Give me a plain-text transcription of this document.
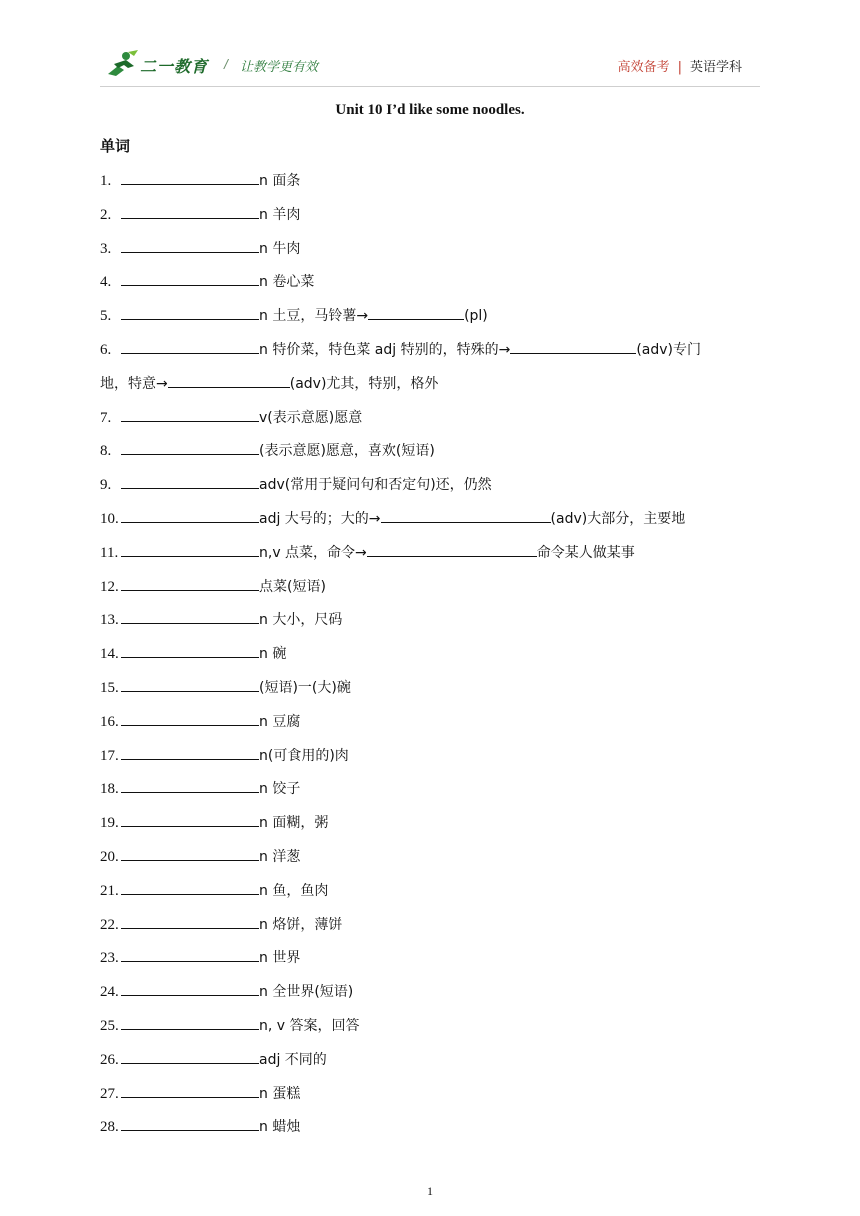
二一教育 / 让教学更有效	高效备考 | 英语学科
Unit 10 I’d like some noodles.
单词
1.	n 面条
2.	n 羊肉
3.	n 牛肉
4.	n 卷心菜
5.	n 土豆，马铃薯→	(pl)
6.	n 特价菜，特色菜 adj 特别的，特殊的→	(adv)专门
地，特意→	(adv)尤其，特别，格外
7.	v(表示意愿)愿意
8.	(表示意愿)愿意，喜欢(短语)
9.	adv(常用于疑问句和否定句)还，仍然
10.	adj 大号的；大的→	(adv)大部分，主要地
11.	n,v 点菜，命令→	命令某人做某事
12.	点菜(短语)
13.	n 大小，尺码
14.	n 碗
15.	(短语)一(大)碗
16.	n 豆腐
17.	n(可食用的)肉
18.	n 饺子
19.	n 面糊，粥
20.	n 洋葱
21.	n 鱼，鱼肉
22.	n 烙饼，薄饼
23.	n 世界
24.	n 全世界(短语)
25.	n, v 答案，回答
26.	adj 不同的
27.	n 蛋糕
28.	n 蜡烛
1
